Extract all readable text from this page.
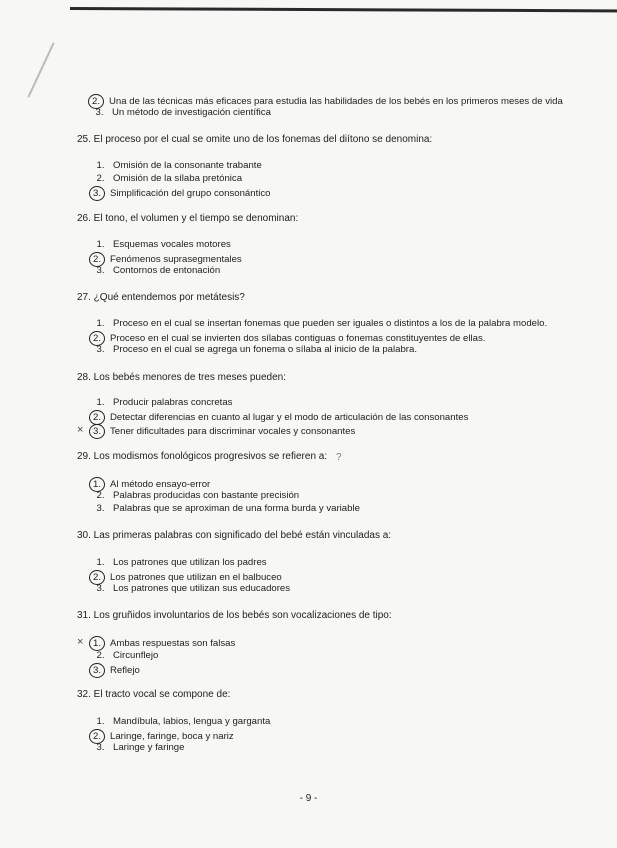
2. Una de las técnicas más eficaces para estudia las habilidades de los bebés en los primeros meses de vida
3. Un método de investigación científica
25. El proceso por el cual se omite uno de los fonemas del diítono se denomina:
1. Omisión de la consonante trabante
2. Omisión de la sílaba pretónica
3. Simplificación del grupo consonántico
26. El tono, el volumen y el tiempo se denominan:
1. Esquemas vocales motores
2. Fenómenos suprasegmentales
3. Contornos de entonación
27. ¿Qué entendemos por metátesis?
1. Proceso en el cual se insertan fonemas que pueden ser iguales o distintos a los de la palabra modelo.
2. Proceso en el cual se invierten dos sílabas contiguas o fonemas constituyentes de ellas.
3. Proceso en el cual se agrega un fonema o sílaba al inicio de la palabra.
28. Los bebés menores de tres meses pueden:
1. Producir palabras concretas
2. Detectar diferencias en cuanto al lugar y el modo de articulación de las consonantes
× 3. Tener dificultades para discriminar vocales y consonantes
29. Los modismos fonológicos progresivos se refieren a: ?
1. Al método ensayo-error
2. Palabras producidas con bastante precisión
3. Palabras que se aproximan de una forma burda y variable
30. Las primeras palabras con significado del bebé están vinculadas a:
1. Los patrones que utilizan los padres
2. Los patrones que utilizan en el balbuceo
3. Los patrones que utilizan sus educadores
31. Los gruñidos involuntarios de los bebés son vocalizaciones de tipo:
× 1. Ambas respuestas son falsas
2. Circunflejo
3. Reflejo
32. El tracto vocal se compone de:
1. Mandíbula, labios, lengua y garganta
2. Laringe, faringe, boca y nariz
3. Laringe y faringe
- 9 -
